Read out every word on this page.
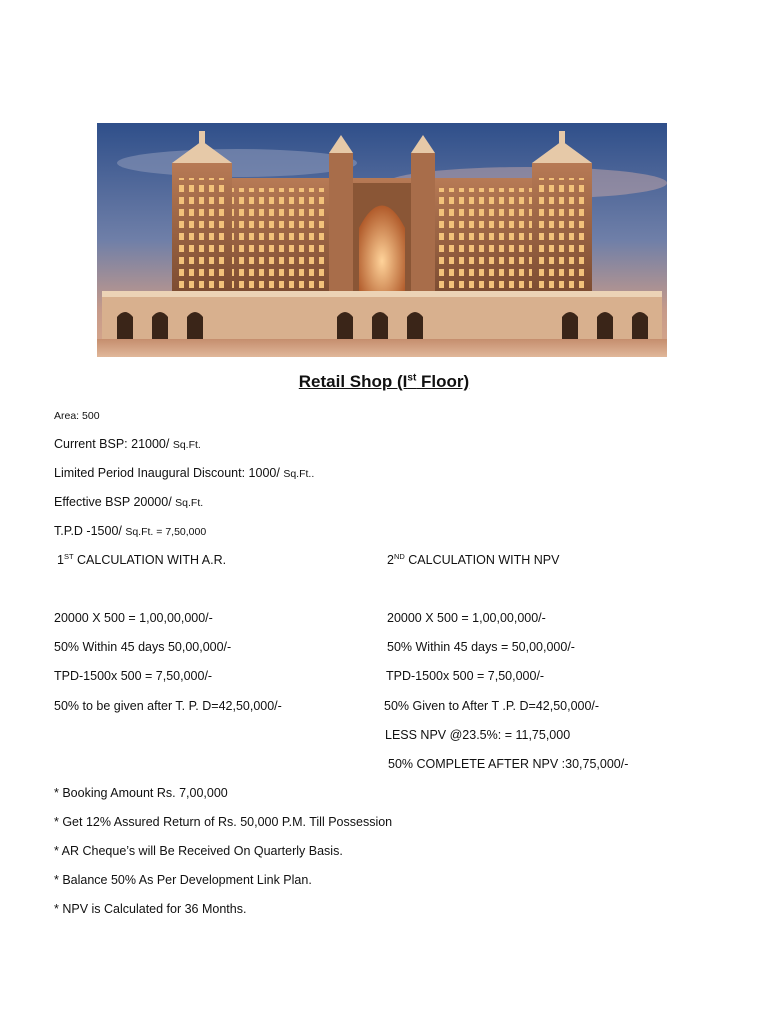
Retail Shop (Ist Floor)
Area: 500
Current BSP: 21000/ Sq.Ft.
Limited Period Inaugural Discount: 1000/ Sq.Ft..
Effective BSP 20000/ Sq.Ft.
T.P.D -1500/ Sq.Ft. = 7,50,000
1ST CALCULATION WITH A.R.	2ND CALCULATION WITH NPV
20000 X 500 = 1,00,00,000/-
50% Within 45 days 50,00,000/-
TPD-1500x 500 = 7,50,000/-
50% to be given after T. P. D=42,50,000/-
20000 X 500 = 1,00,00,000/-
50% Within 45 days = 50,00,000/-
TPD-1500x 500 = 7,50,000/-
50% Given to After T .P. D=42,50,000/-
LESS NPV @23.5%: = 11,75,000
50% COMPLETE AFTER NPV :30,75,000/-
* Booking Amount Rs. 7,00,000
* Get 12% Assured Return of Rs. 50,000 P.M. Till Possession
* AR Cheque’s will Be Received On Quarterly Basis.
* Balance 50% As Per Development Link Plan.
* NPV is Calculated for 36 Months.
